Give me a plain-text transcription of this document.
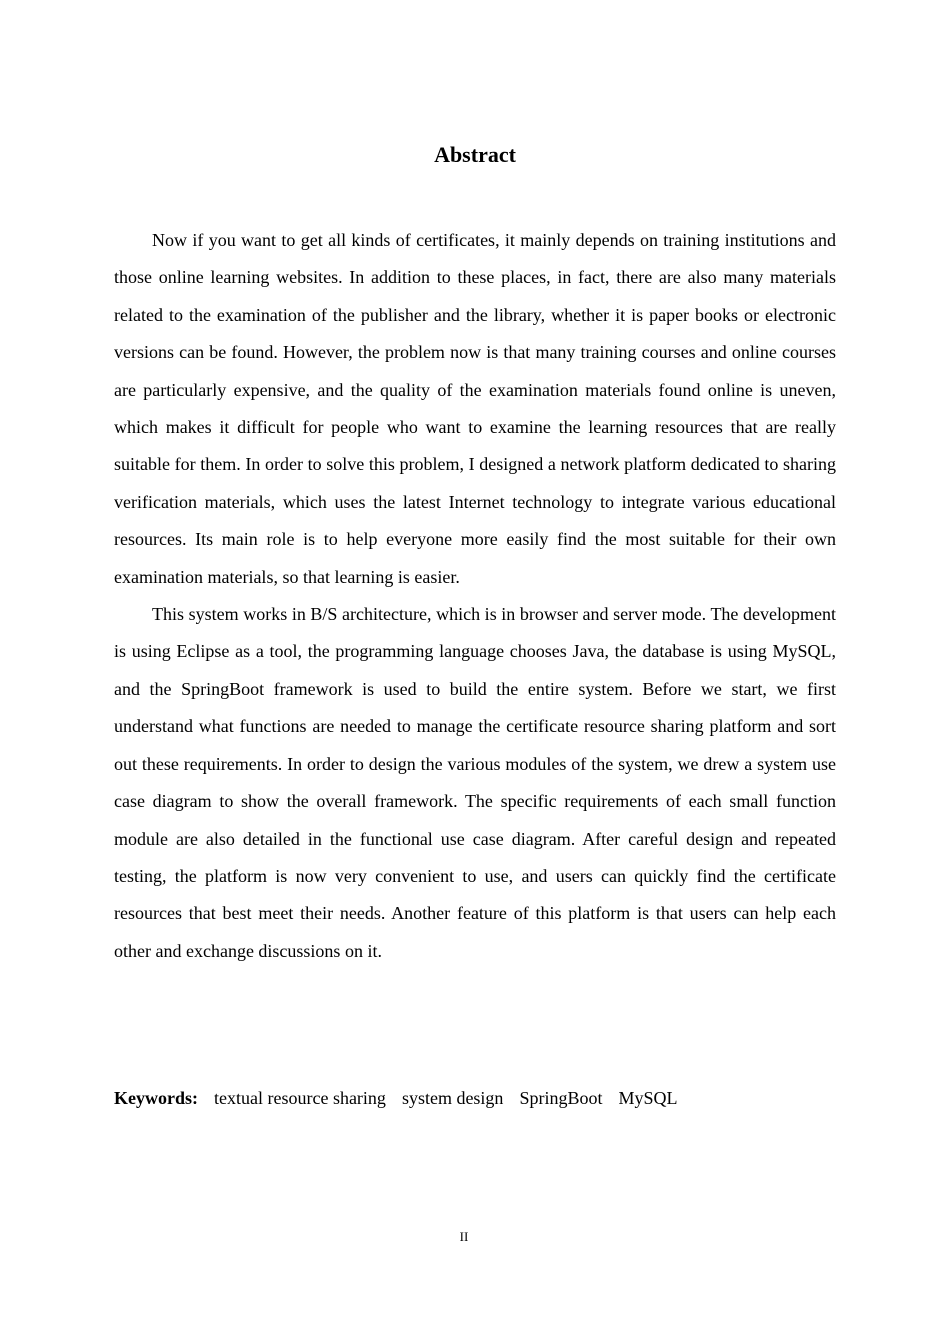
Abstract

Now if you want to get all kinds of certificates, it mainly depends on training institutions and those online learning websites. In addition to these places, in fact, there are also many materials related to the examination of the publisher and the library, whether it is paper books or electronic versions can be found. However, the problem now is that many training courses and online courses are particularly expensive, and the quality of the examination materials found online is uneven, which makes it difficult for people who want to examine the learning resources that are really suitable for them. In order to solve this problem, I designed a network platform dedicated to sharing verification materials, which uses the latest Internet technology to integrate various educational resources. Its main role is to help everyone more easily find the most suitable for their own examination materials, so that learning is easier.

This system works in B/S architecture, which is in browser and server mode. The development is using Eclipse as a tool, the programming language chooses Java, the database is using MySQL, and the SpringBoot framework is used to build the entire system. Before we start, we first understand what functions are needed to manage the certificate resource sharing platform and sort out these requirements. In order to design the various modules of the system, we drew a system use case diagram to show the overall framework. The specific requirements of each small function module are also detailed in the functional use case diagram. After careful design and repeated testing, the platform is now very convenient to use, and users can quickly find the certificate resources that best meet their needs. Another feature of this platform is that users can help each other and exchange discussions on it.

Keywords: textual resource sharing system design SpringBoot MySQL
II
